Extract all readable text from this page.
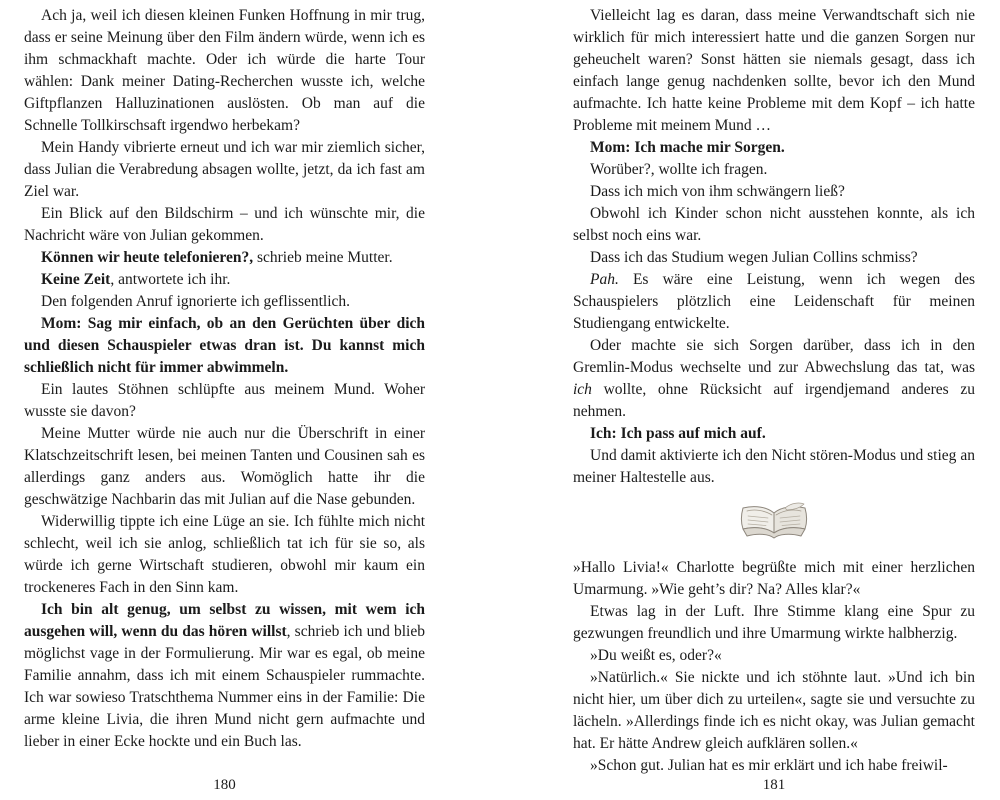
Ach ja, weil ich diesen kleinen Funken Hoffnung in mir trug, dass er seine Meinung über den Film ändern würde, wenn ich es ihm schmackhaft machte. Oder ich würde die harte Tour wählen: Dank meiner Dating-Recherchen wusste ich, welche Giftpflanzen Halluzinationen auslösten. Ob man auf die Schnelle Tollkirschsaft irgendwo herbekam?

Mein Handy vibrierte erneut und ich war mir ziemlich sicher, dass Julian die Verabredung absagen wollte, jetzt, da ich fast am Ziel war.

Ein Blick auf den Bildschirm – und ich wünschte mir, die Nachricht wäre von Julian gekommen.

Können wir heute telefonieren?, schrieb meine Mutter.

Keine Zeit, antwortete ich ihr.

Den folgenden Anruf ignorierte ich geflissentlich.

Mom: Sag mir einfach, ob an den Gerüchten über dich und diesen Schauspieler etwas dran ist. Du kannst mich schließlich nicht für immer abwimmeln.

Ein lautes Stöhnen schlüpfte aus meinem Mund. Woher wusste sie davon?

Meine Mutter würde nie auch nur die Überschrift in einer Klatschzeitschrift lesen, bei meinen Tanten und Cousinen sah es allerdings ganz anders aus. Womöglich hatte ihr die geschwätzige Nachbarin das mit Julian auf die Nase gebunden.

Widerwillig tippte ich eine Lüge an sie. Ich fühlte mich nicht schlecht, weil ich sie anlog, schließlich tat ich für sie so, als würde ich gerne Wirtschaft studieren, obwohl mir kaum ein trockeneres Fach in den Sinn kam.

Ich bin alt genug, um selbst zu wissen, mit wem ich ausgehen will, wenn du das hören willst, schrieb ich und blieb möglichst vage in der Formulierung. Mir war es egal, ob meine Familie annahm, dass ich mit einem Schauspieler rummachte. Ich war sowieso Tratschthema Nummer eins in der Familie: Die arme kleine Livia, die ihren Mund nicht gern aufmachte und lieber in einer Ecke hockte und ein Buch las.

180

Vielleicht lag es daran, dass meine Verwandtschaft sich nie wirklich für mich interessiert hatte und die ganzen Sorgen nur geheuchelt waren? Sonst hätten sie niemals gesagt, dass ich einfach lange genug nachdenken sollte, bevor ich den Mund aufmachte. Ich hatte keine Probleme mit dem Kopf – ich hatte Probleme mit meinem Mund …

Mom: Ich mache mir Sorgen.

Worüber?, wollte ich fragen.

Dass ich mich von ihm schwängern ließ?

Obwohl ich Kinder schon nicht ausstehen konnte, als ich selbst noch eins war.

Dass ich das Studium wegen Julian Collins schmiss?

Pah. Es wäre eine Leistung, wenn ich wegen des Schauspielers plötzlich eine Leidenschaft für meinen Studiengang entwickelte.

Oder machte sie sich Sorgen darüber, dass ich in den Gremlin-Modus wechselte und zur Abwechslung das tat, was ich wollte, ohne Rücksicht auf irgendjemand anderes zu nehmen.

Ich: Ich pass auf mich auf.

Und damit aktivierte ich den Nicht stören-Modus und stieg an meiner Haltestelle aus.

»Hallo Livia!« Charlotte begrüßte mich mit einer herzlichen Umarmung. »Wie geht’s dir? Na? Alles klar?«

Etwas lag in der Luft. Ihre Stimme klang eine Spur zu gezwungen freundlich und ihre Umarmung wirkte halbherzig.

»Du weißt es, oder?«

»Natürlich.« Sie nickte und ich stöhnte laut. »Und ich bin nicht hier, um über dich zu urteilen«, sagte sie und versuchte zu lächeln. »Allerdings finde ich es nicht okay, was Julian gemacht hat. Er hätte Andrew gleich aufklären sollen.«

»Schon gut. Julian hat es mir erklärt und ich habe freiwil-

181
